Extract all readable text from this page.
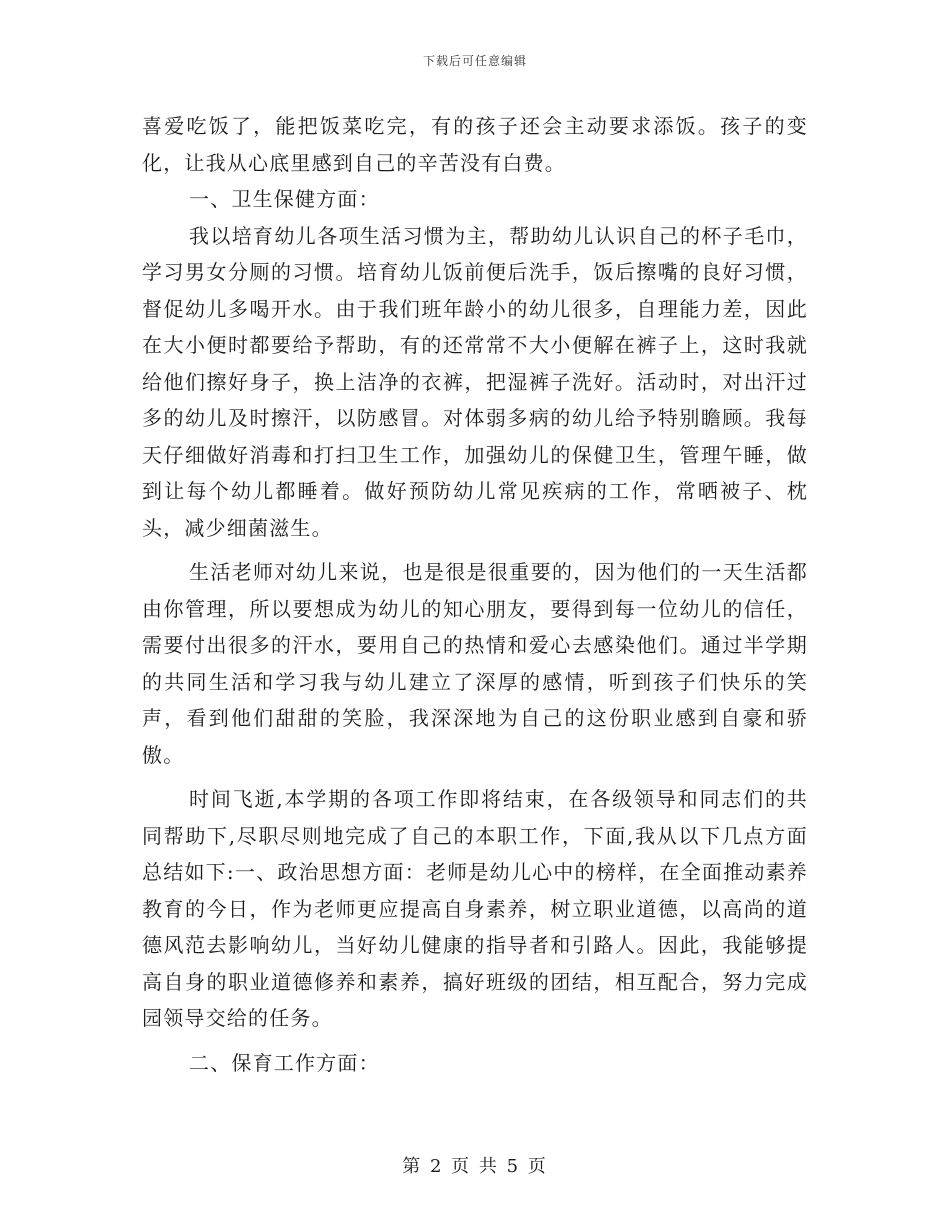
下载后可任意编辑

喜爱吃饭了，能把饭菜吃完，有的孩子还会主动要求添饭。孩子的变化，让我从心底里感到自己的辛苦没有白费。

一、卫生保健方面：

我以培育幼儿各项生活习惯为主，帮助幼儿认识自己的杯子毛巾，学习男女分厕的习惯。培育幼儿饭前便后洗手，饭后擦嘴的良好习惯，督促幼儿多喝开水。由于我们班年龄小的幼儿很多，自理能力差，因此在大小便时都要给予帮助，有的还常常不大小便解在裤子上，这时我就给他们擦好身子，换上洁净的衣裤，把湿裤子洗好。活动时，对出汗过多的幼儿及时擦汗，以防感冒。对体弱多病的幼儿给予特别瞻顾。我每天仔细做好消毒和打扫卫生工作，加强幼儿的保健卫生，管理午睡，做到让每个幼儿都睡着。做好预防幼儿常见疾病的工作，常晒被子、枕头，减少细菌滋生。

生活老师对幼儿来说，也是很是很重要的，因为他们的一天生活都由你管理，所以要想成为幼儿的知心朋友，要得到每一位幼儿的信任，需要付出很多的汗水，要用自己的热情和爱心去感染他们。通过半学期的共同生活和学习我与幼儿建立了深厚的感情，听到孩子们快乐的笑声，看到他们甜甜的笑脸，我深深地为自己的这份职业感到自豪和骄傲。

时间飞逝,本学期的各项工作即将结束，在各级领导和同志们的共同帮助下,尽职尽则地完成了自己的本职工作，下面,我从以下几点方面总结如下:一、政治思想方面：老师是幼儿心中的榜样，在全面推动素养教育的今日，作为老师更应提高自身素养，树立职业道德，以高尚的道德风范去影响幼儿，当好幼儿健康的指导者和引路人。因此，我能够提高自身的职业道德修养和素养，搞好班级的团结，相互配合，努力完成园领导交给的任务。

二、保育工作方面：

第 2 页 共 5 页
